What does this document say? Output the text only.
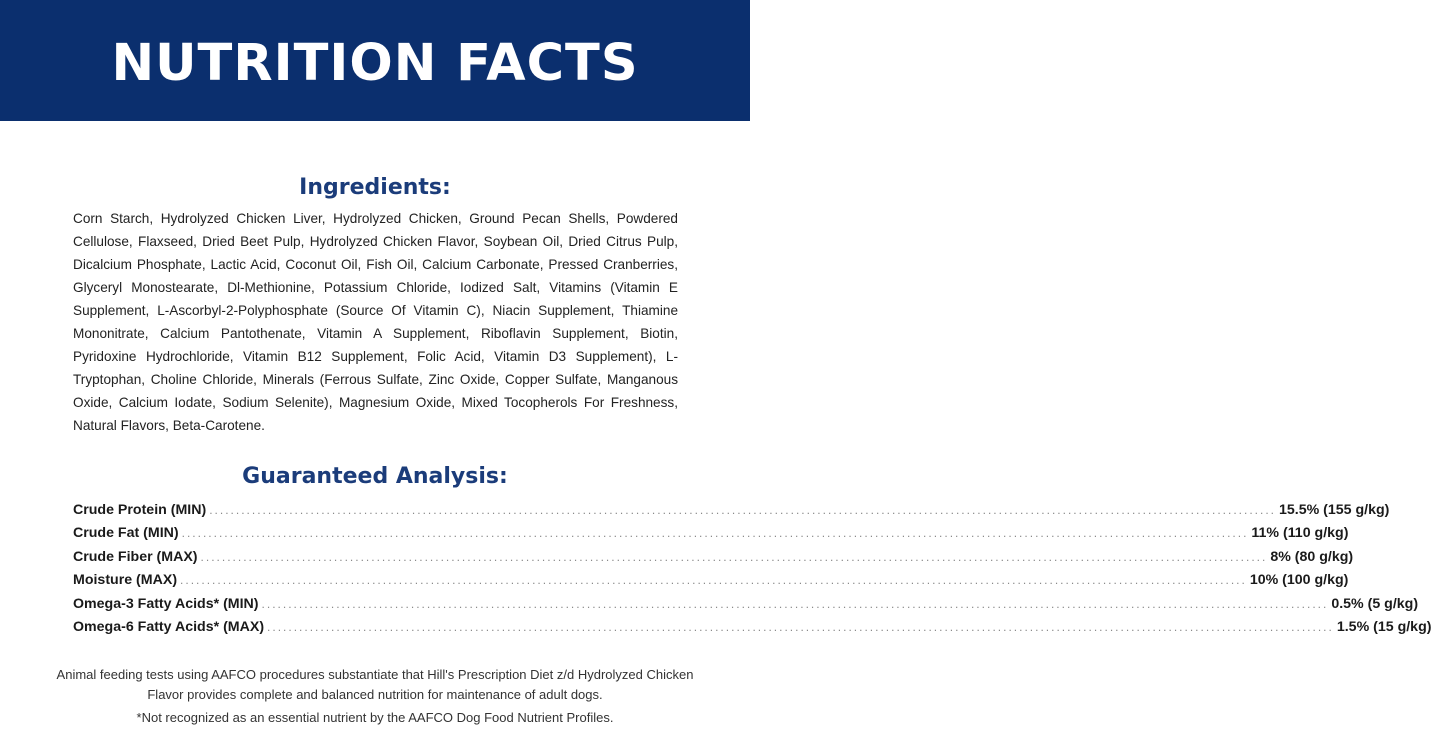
NUTRITION FACTS
Ingredients:

Corn Starch, Hydrolyzed Chicken Liver, Hydrolyzed Chicken, Ground Pecan Shells, Powdered Cellulose, Flaxseed, Dried Beet Pulp, Hydrolyzed Chicken Flavor, Soybean Oil, Dried Citrus Pulp, Dicalcium Phosphate, Lactic Acid, Coconut Oil, Fish Oil, Calcium Carbonate, Pressed Cranberries, Glyceryl Monostearate, Dl-Methionine, Potassium Chloride, Iodized Salt, Vitamins (Vitamin E Supplement, L-Ascorbyl-2-Polyphosphate (Source Of Vitamin C), Niacin Supplement, Thiamine Mononitrate, Calcium Pantothenate, Vitamin A Supplement, Riboflavin Supplement, Biotin, Pyridoxine Hydrochloride, Vitamin B12 Supplement, Folic Acid, Vitamin D3 Supplement), L-Tryptophan, Choline Chloride, Minerals (Ferrous Sulfate, Zinc Oxide, Copper Sulfate, Manganous Oxide, Calcium Iodate, Sodium Selenite), Magnesium Oxide, Mixed Tocopherols For Freshness, Natural Flavors, Beta-Carotene.

Guaranteed Analysis:
Crude Protein (MIN) ........................................................................................................................................................................................................ 15.5% (155 g/kg)
Crude Fat (MIN) ........................................................................................................................................................................................................ 11% (110 g/kg)
Crude Fiber (MAX) ........................................................................................................................................................................................................ 8% (80 g/kg)
Moisture (MAX) ........................................................................................................................................................................................................ 10% (100 g/kg)
Omega-3 Fatty Acids* (MIN) ........................................................................................................................................................................................................ 0.5% (5 g/kg)
Omega-6 Fatty Acids* (MAX) ........................................................................................................................................................................................................ 1.5% (15 g/kg)

Animal feeding tests using AAFCO procedures substantiate that Hill's Prescription Diet z/d Hydrolyzed Chicken Flavor provides complete and balanced nutrition for maintenance of adult dogs.

*Not recognized as an essential nutrient by the AAFCO Dog Food Nutrient Profiles.
